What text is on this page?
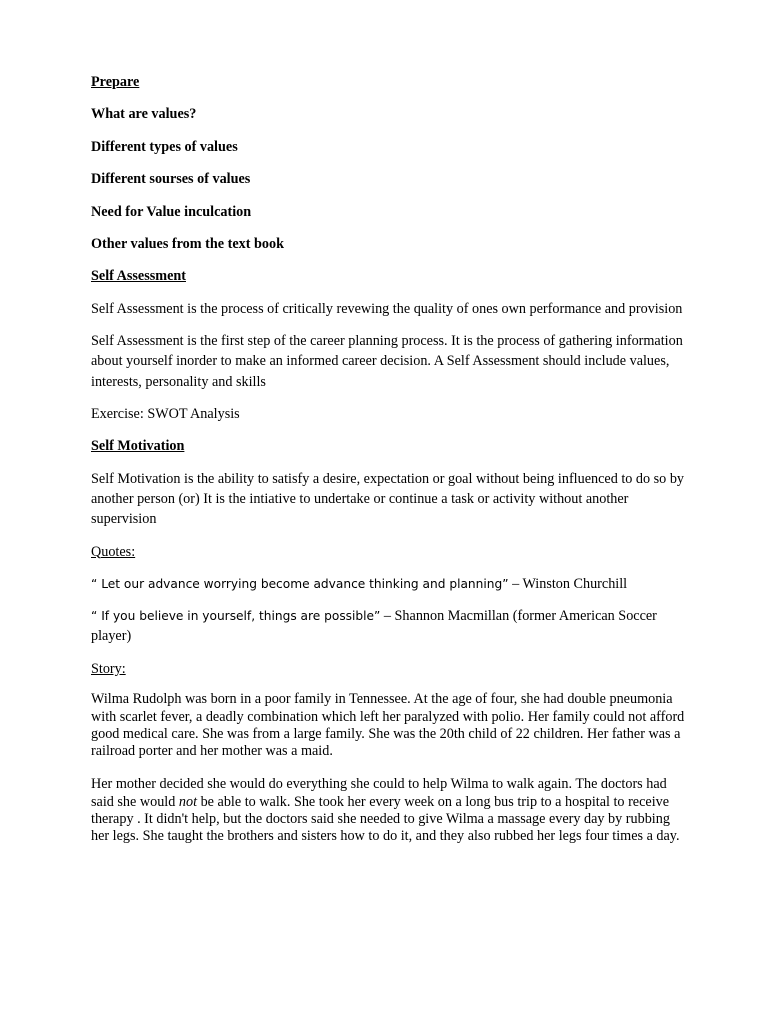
Prepare

What are values?

Different types of values

Different sourses of values

Need for Value inculcation

Other values from the text book

Self Assessment

Self Assessment is the process of critically revewing the quality of ones own performance and provision

Self Assessment is the first step of the career planning process. It is the process of gathering information about yourself inorder to make an informed career decision. A Self Assessment should include values, interests, personality and skills

Exercise: SWOT Analysis

Self Motivation

Self Motivation is the ability to satisfy a desire, expectation or goal without being influenced to do so by another person (or) It is the intiative to undertake or continue a task or activity without another supervision

Quotes:

“ Let our advance worrying become advance thinking and planning” – Winston Churchill

“ If you believe in yourself, things are possible” – Shannon Macmillan (former American Soccer player)

Story:

Wilma Rudolph was born in a poor family in Tennessee. At the age of four, she had double pneumonia with scarlet fever, a deadly combination which left her paralyzed with polio. Her family could not afford good medical care. She was from a large family. She was the 20th child of 22 children. Her father was a railroad porter and her mother was a maid.

Her mother decided she would do everything she could to help Wilma to walk again. The doctors had said she would not be able to walk. She took her every week on a long bus trip to a hospital to receive therapy . It didn't help, but the doctors said she needed to give Wilma a massage every day by rubbing her legs. She taught the brothers and sisters how to do it, and they also rubbed her legs four times a day.
